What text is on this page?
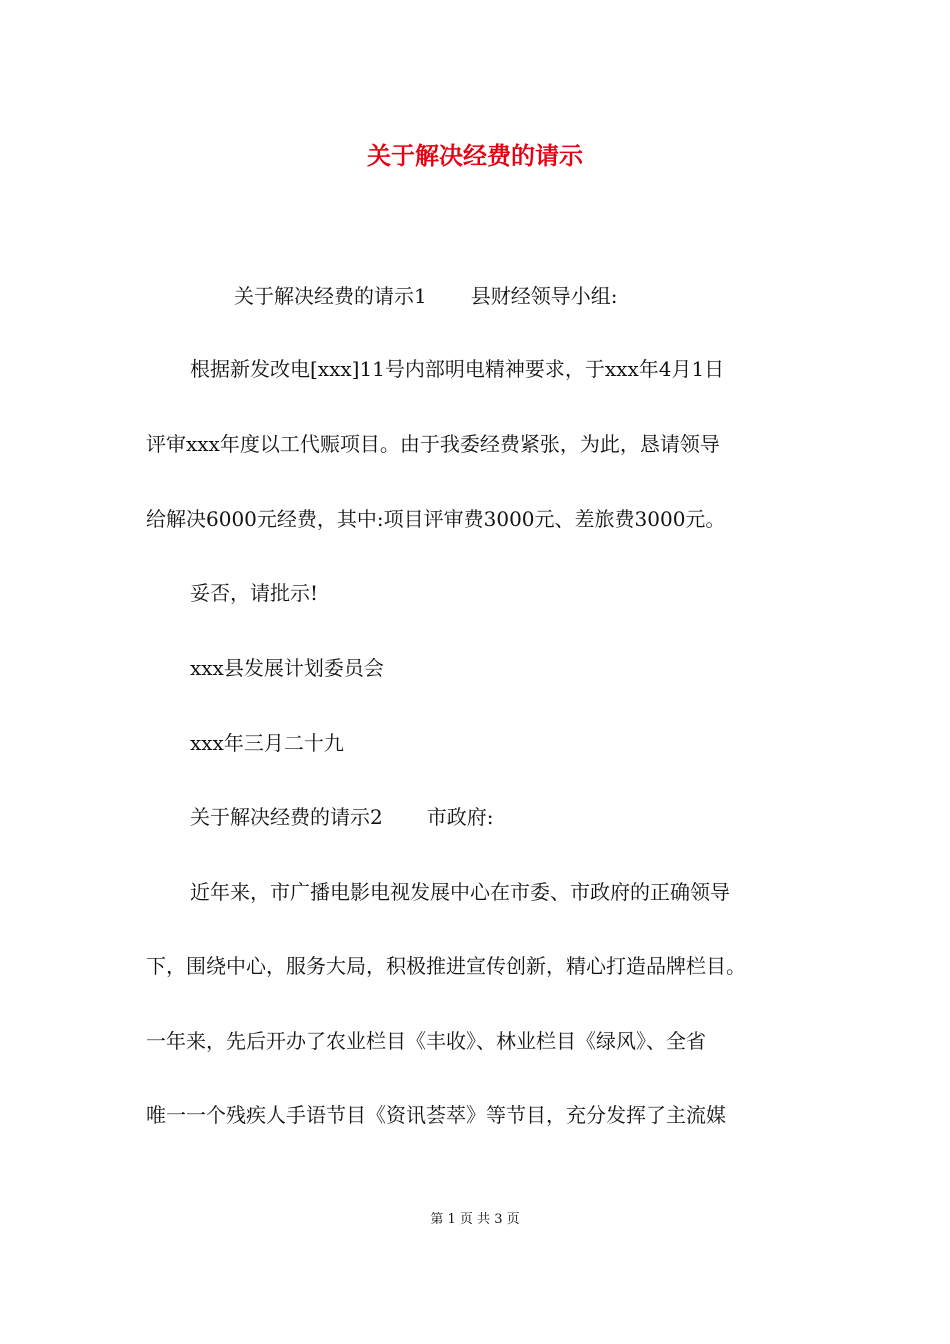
关于解决经费的请示
关于解决经费的请示1 县财经领导小组:
根据新发改电[xxx]11号内部明电精神要求，于xxx年4月1日
评审xxx年度以工代赈项目。由于我委经费紧张，为此，恳请领导
给解决6000元经费，其中:项目评审费3000元、差旅费3000元。
妥否，请批示!
xxx县发展计划委员会
xxx年三月二十九
关于解决经费的请示2 市政府:
近年来，市广播电影电视发展中心在市委、市政府的正确领导
下，围绕中心，服务大局，积极推进宣传创新，精心打造品牌栏目。
一年来，先后开办了农业栏目《丰收》、林业栏目《绿风》、全省
唯一一个残疾人手语节目《资讯荟萃》等节目，充分发挥了主流媒
第 1 页 共 3 页
